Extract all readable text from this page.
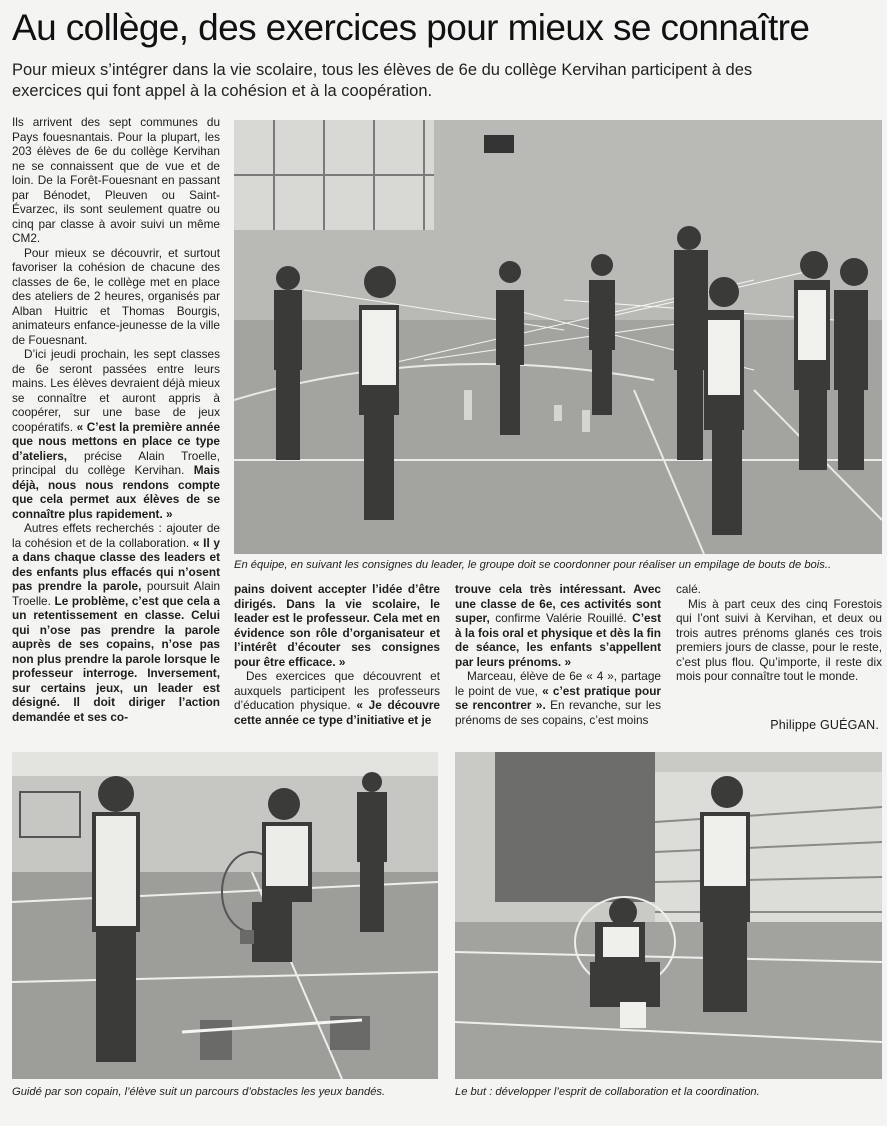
Au collège, des exercices pour mieux se connaître
Pour mieux s’intégrer dans la vie scolaire, tous les élèves de 6e du collège Kervihan participent à des exercices qui font appel à la cohésion et à la coopération.

Ils arrivent des sept communes du Pays fouesnantais. Pour la plupart, les 203 élèves de 6e du collège Kervihan ne se connaissent que de vue et de loin. De la Forêt-Fouesnant en passant par Bénodet, Pleuven ou Saint-Évarzec, ils sont seulement quatre ou cinq par classe à avoir suivi un même CM2.

Pour mieux se découvrir, et surtout favoriser la cohésion de chacune des classes de 6e, le collège met en place des ateliers de 2 heures, organisés par Alban Huitric et Thomas Bourgis, animateurs enfance-jeunesse de la ville de Fouesnant.

D’ici jeudi prochain, les sept classes de 6e seront passées entre leurs mains. Les élèves devraient déjà mieux se connaître et auront appris à coopérer, sur une base de jeux coopératifs. « C’est la première année que nous mettons en place ce type d’ateliers, précise Alain Troelle, principal du collège Kervihan. Mais déjà, nous nous rendons compte que cela permet aux élèves de se connaître plus rapidement. »

Autres effets recherchés : ajouter de la cohésion et de la collaboration. « Il y a dans chaque classe des leaders et des enfants plus effacés qui n’osent pas prendre la parole, poursuit Alain Troelle. Le problème, c’est que cela a un retentissement en classe. Celui qui n’ose pas prendre la parole auprès de ses copains, n’ose pas non plus prendre la parole lorsque le professeur interroge. Inversement, sur certains jeux, un leader est désigné. Il doit diriger l’action demandée et ses co-

En équipe, en suivant les consignes du leader, le groupe doit se coordonner pour réaliser un empilage de bouts de bois..

pains doivent accepter l’idée d’être dirigés. Dans la vie scolaire, le leader est le professeur. Cela met en évidence son rôle d’organisateur et l’intérêt d’écouter ses consignes pour être efficace. »

Des exercices que découvrent et auxquels participent les professeurs d’éducation physique. « Je découvre cette année ce type d’initiative et je

trouve cela très intéressant. Avec une classe de 6e, ces activités sont super, confirme Valérie Rouillé. C’est à la fois oral et physique et dès la fin de séance, les enfants s’appellent par leurs prénoms. »

Marceau, élève de 6e « 4 », partage le point de vue, « c’est pratique pour se rencontrer ». En revanche, sur les prénoms de ses copains, c’est moins

calé.

Mis à part ceux des cinq Forestois qui l’ont suivi à Kervihan, et deux ou trois autres prénoms glanés ces trois premiers jours de classe, pour le reste, c’est plus flou. Qu’importe, il reste dix mois pour connaître tout le monde.

Philippe GUÉGAN.
Guidé par son copain, l’élève suit un parcours d’obstacles les yeux bandés.	Le but : développer l’esprit de collaboration et la coordination.
